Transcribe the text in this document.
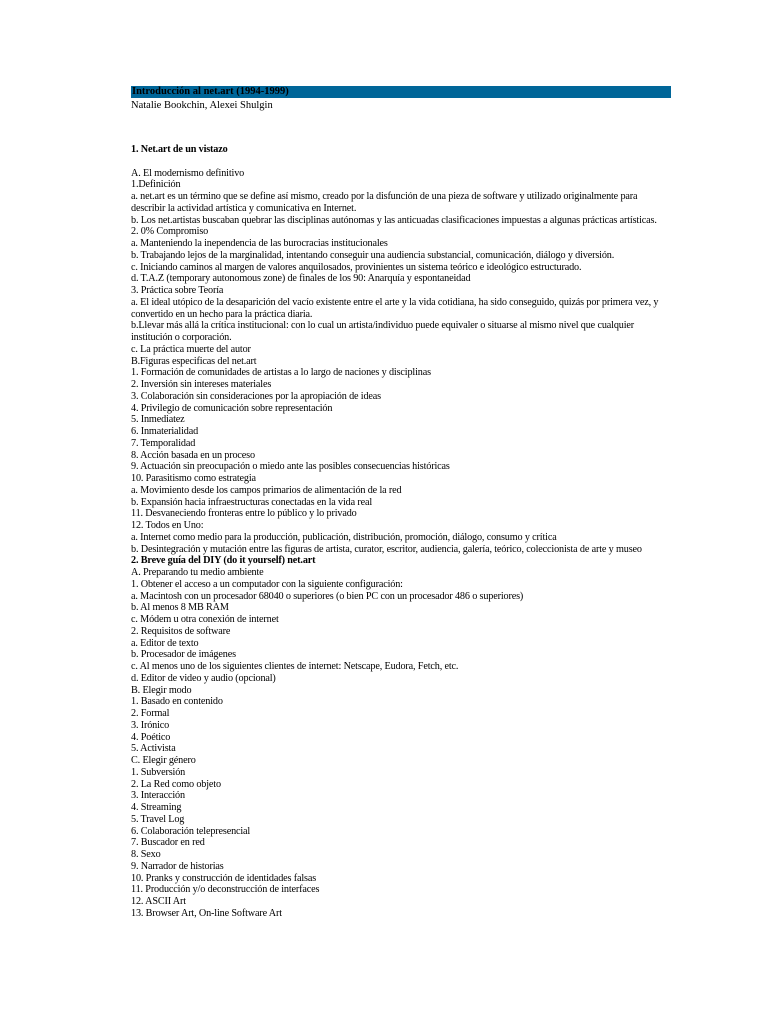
Introducción al net.art (1994-1999)
Natalie Bookchin, Alexei Shulgin

1. Net.art de un vistazo

A. El modernismo definitivo

1.Definición

a. net.art es un término que se define así mismo, creado por la disfunción de una pieza de software y utilizado originalmente para describir la actividad artística y comunicativa en Internet.

b. Los net.artistas buscaban quebrar las disciplinas autónomas y las anticuadas clasificaciones impuestas a algunas prácticas artísticas.

2. 0% Compromiso

a. Manteniendo la inependencia de las burocracias institucionales

b. Trabajando lejos de la marginalidad, intentando conseguir una audiencia substancial, comunicación, diálogo y diversión.

c. Iniciando caminos al margen de valores anquilosados, provinientes un sistema teórico e ideológico estructurado.

d. T.A.Z (temporary autonomous zone) de finales de los 90: Anarquía y espontaneidad

3. Práctica sobre Teoría

a. El ideal utópico de la desaparición del vacío existente entre el arte y la vida cotidiana, ha sido conseguido, quizás por primera vez, y convertido en un hecho para la práctica diaria.

b.Llevar más allá la crítica institucional: con lo cual un artista/individuo puede equivaler o situarse al mismo nivel que cualquier institución o corporación.

c. La práctica muerte del autor

B.Figuras especificas del net.art

1. Formación de comunidades de artistas a lo largo de naciones y disciplinas

2. Inversión sin intereses materiales

3. Colaboración sin consideraciones por la apropiación de ideas

4. Privilegio de comunicación sobre representación

5. Inmediatez

6. Inmaterialidad

7. Temporalidad

8. Acción basada en un proceso

9. Actuación sin preocupación o miedo ante las posibles consecuencias históricas

10. Parasitismo como estrategia

a. Movimiento desde los campos primarios de alimentación de la red

b. Expansión hacia infraestructuras conectadas en la vida real

11. Desvaneciendo fronteras entre lo público y lo privado

12. Todos en Uno:

a. Internet como medio para la producción, publicación, distribución, promoción, diálogo, consumo y crítica

b. Desintegración y mutación entre las figuras de artista, curator, escritor, audiencia, galería, teórico, coleccionista de arte y museo

2. Breve guía del DIY (do it yourself) net.art

A. Preparando tu medio ambiente

1. Obtener el acceso a un computador con la siguiente configuración:

a. Macintosh con un procesador 68040 o superiores (o bien PC con un procesador 486 o superiores)

b. Al menos 8 MB RAM

c. Módem u otra conexión de internet

2. Requisitos de software

a. Editor de texto

b. Procesador de imágenes

c. Al menos uno de los siguientes clientes de internet: Netscape, Eudora, Fetch, etc.

d. Editor de video y audio (opcional)

B. Elegir modo

1. Basado en contenido

2. Formal

3. Irónico

4. Poético

5. Activista

C. Elegir género

1. Subversión

2. La Red como objeto

3. Interacción

4. Streaming

5. Travel Log

6. Colaboración telepresencial

7. Buscador en red

8. Sexo

9. Narrador de historias

10. Pranks y construcción de identidades falsas

11. Producción y/o deconstrucción de interfaces

12. ASCII Art

13. Browser Art, On-line Software Art
